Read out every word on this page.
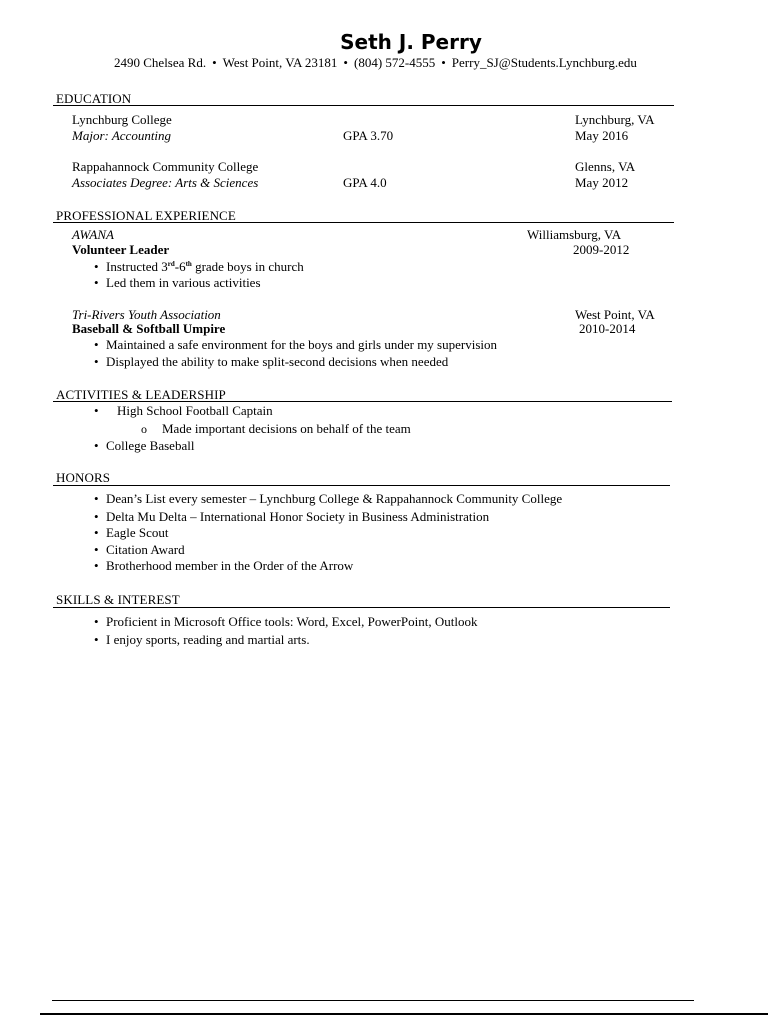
Seth J. Perry
2490 Chelsea Rd. • West Point, VA 23181 • (804) 572-4555 • Perry_SJ@Students.Lynchburg.edu
EDUCATION
Lynchburg College	Lynchburg, VA
Major: Accounting	GPA 3.70	May 2016
Rappahannock Community College	Glenns, VA
Associates Degree: Arts & Sciences	GPA 4.0	May 2012
PROFESSIONAL EXPERIENCE
AWANA	Williamsburg, VA
Volunteer Leader	2009-2012
• Instructed 3rd-6th grade boys in church
• Led them in various activities
Tri-Rivers Youth Association	West Point, VA
Baseball & Softball Umpire	2010-2014
• Maintained a safe environment for the boys and girls under my supervision
• Displayed the ability to make split-second decisions when needed
ACTIVITIES & LEADERSHIP
• High School Football Captain
o Made important decisions on behalf of the team
• College Baseball
HONORS
• Dean’s List every semester – Lynchburg College & Rappahannock Community College
• Delta Mu Delta – International Honor Society in Business Administration
• Eagle Scout
• Citation Award
• Brotherhood member in the Order of the Arrow
SKILLS & INTEREST
• Proficient in Microsoft Office tools: Word, Excel, PowerPoint, Outlook
• I enjoy sports, reading and martial arts.
